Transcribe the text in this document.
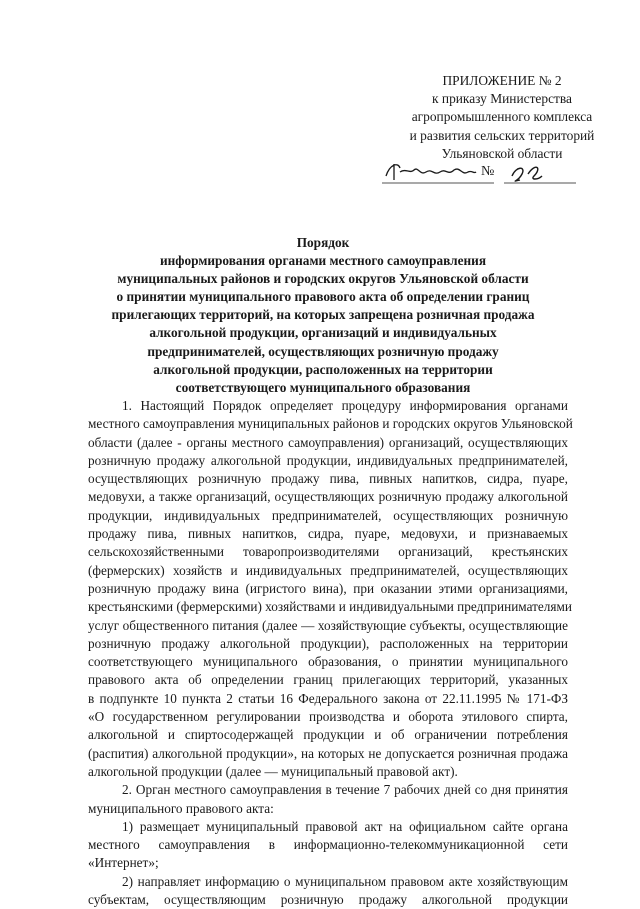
ПРИЛОЖЕНИЕ № 2
к приказу Министерства
агропромышленного комплекса
и развития сельских территорий
Ульяновской области
№
Порядок
информирования органами местного самоуправления
муниципальных районов и городских округов Ульяновской области
о принятии муниципального правового акта об определении границ
прилегающих территорий, на которых запрещена розничная продажа
алкогольной продукции, организаций и индивидуальных
предпринимателей, осуществляющих розничную продажу
алкогольной продукции, расположенных на территории
соответствующего муниципального образования
1. Настоящий Порядок определяет процедуру информирования органами
местного самоуправления муниципальных районов и городских округов Ульяновской
области (далее - органы местного самоуправления) организаций, осуществляющих
розничную продажу алкогольной продукции, индивидуальных предпринимателей,
осуществляющих розничную продажу пива, пивных напитков, сидра, пуаре,
медовухи, а также организаций, осуществляющих розничную продажу алкогольной
продукции, индивидуальных предпринимателей, осуществляющих розничную
продажу пива, пивных напитков, сидра, пуаре, медовухи, и признаваемых
сельскохозяйственными товаропроизводителями организаций, крестьянских
(фермерских) хозяйств и индивидуальных предпринимателей, осуществляющих
розничную продажу вина (игристого вина), при оказании этими организациями,
крестьянскими (фермерскими) хозяйствами и индивидуальными предпринимателями
услуг общественного питания (далее — хозяйствующие субъекты, осуществляющие
розничную продажу алкогольной продукции), расположенных на территории
соответствующего муниципального образования, о принятии муниципального
правового акта об определении границ прилегающих территорий, указанных
в подпункте 10 пункта 2 статьи 16 Федерального закона от 22.11.1995 № 171-ФЗ
«О государственном регулировании производства и оборота этилового спирта,
алкогольной и спиртосодержащей продукции и об ограничении потребления
(распития) алкогольной продукции», на которых не допускается розничная продажа
алкогольной продукции (далее — муниципальный правовой акт).
2. Орган местного самоуправления в течение 7 рабочих дней со дня принятия
муниципального правового акта:
1) размещает муниципальный правовой акт на официальном сайте органа
местного самоуправления в информационно-телекоммуникационной сети
«Интернет»;
2) направляет информацию о муниципальном правовом акте хозяйствующим
субъектам, осуществляющим розничную продажу алкогольной продукции
